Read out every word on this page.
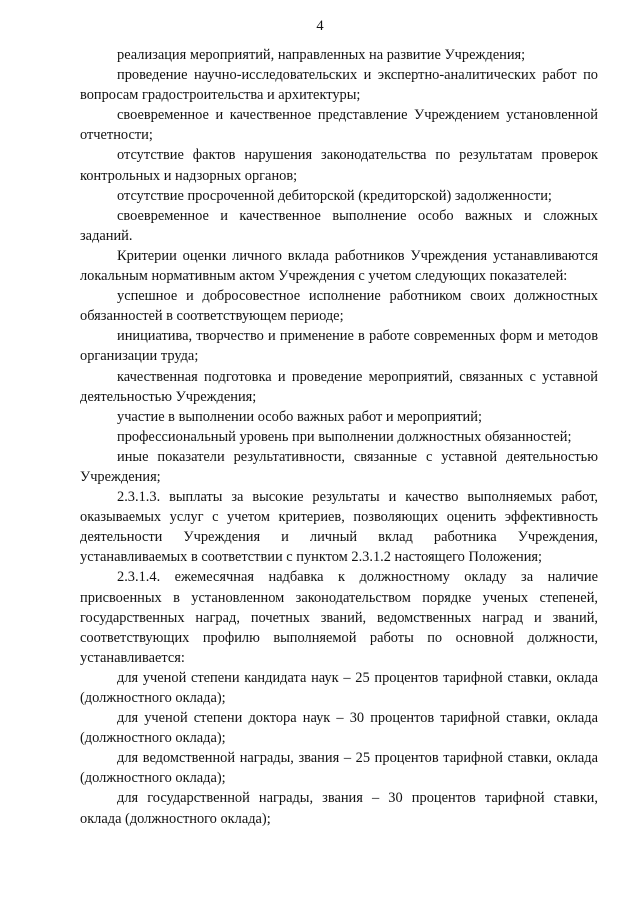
4

реализация мероприятий, направленных на развитие Учреждения;

проведение научно-исследовательских и экспертно-аналитических работ по вопросам градостроительства и архитектуры;

своевременное и качественное представление Учреждением установленной отчетности;

отсутствие фактов нарушения законодательства по результатам проверок контрольных и надзорных органов;

отсутствие просроченной дебиторской (кредиторской) задолженности;

своевременное и качественное выполнение особо важных и сложных заданий.

Критерии оценки личного вклада работников Учреждения устанавливаются локальным нормативным актом Учреждения с учетом следующих показателей:

успешное и добросовестное исполнение работником своих должностных обязанностей в соответствующем периоде;

инициатива, творчество и применение в работе современных форм и методов организации труда;

качественная подготовка и проведение мероприятий, связанных с уставной деятельностью Учреждения;

участие в выполнении особо важных работ и мероприятий;

профессиональный уровень при выполнении должностных обязанностей;

иные показатели результативности, связанные с уставной деятельностью Учреждения;

2.3.1.3. выплаты за высокие результаты и качество выполняемых работ, оказываемых услуг с учетом критериев, позволяющих оценить эффективность деятельности Учреждения и личный вклад работника Учреждения, устанавливаемых в соответствии с пунктом 2.3.1.2 настоящего Положения;

2.3.1.4. ежемесячная надбавка к должностному окладу за наличие присвоенных в установленном законодательством порядке ученых степеней, государственных наград, почетных званий, ведомственных наград и званий, соответствующих профилю выполняемой работы по основной должности, устанавливается:

для ученой степени кандидата наук – 25 процентов тарифной ставки, оклада (должностного оклада);

для ученой степени доктора наук – 30 процентов тарифной ставки, оклада (должностного оклада);

для ведомственной награды, звания – 25 процентов тарифной ставки, оклада (должностного оклада);

для государственной награды, звания – 30 процентов тарифной ставки, оклада (должностного оклада);
